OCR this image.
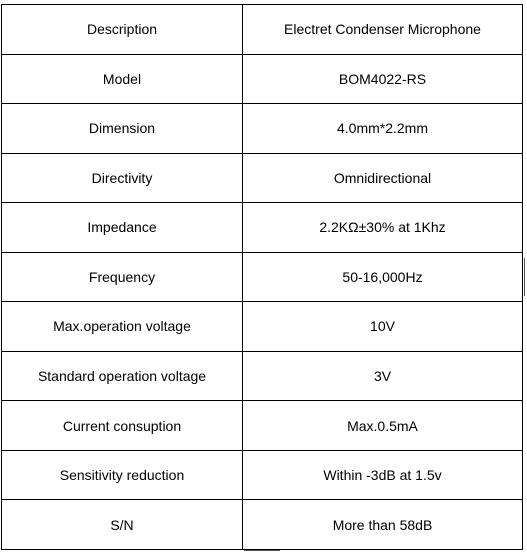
Description	Electret Condenser Microphone
Model	BOM4022-RS
Dimension	4.0mm*2.2mm
Directivity	Omnidirectional
Impedance	2.2KΩ±30% at 1Khz
Frequency	50-16,000Hz
Max.operation voltage	10V
Standard operation voltage	3V
Current consuption	Max.0.5mA
Sensitivity reduction	Within -3dB at 1.5v
S/N	More than 58dB
